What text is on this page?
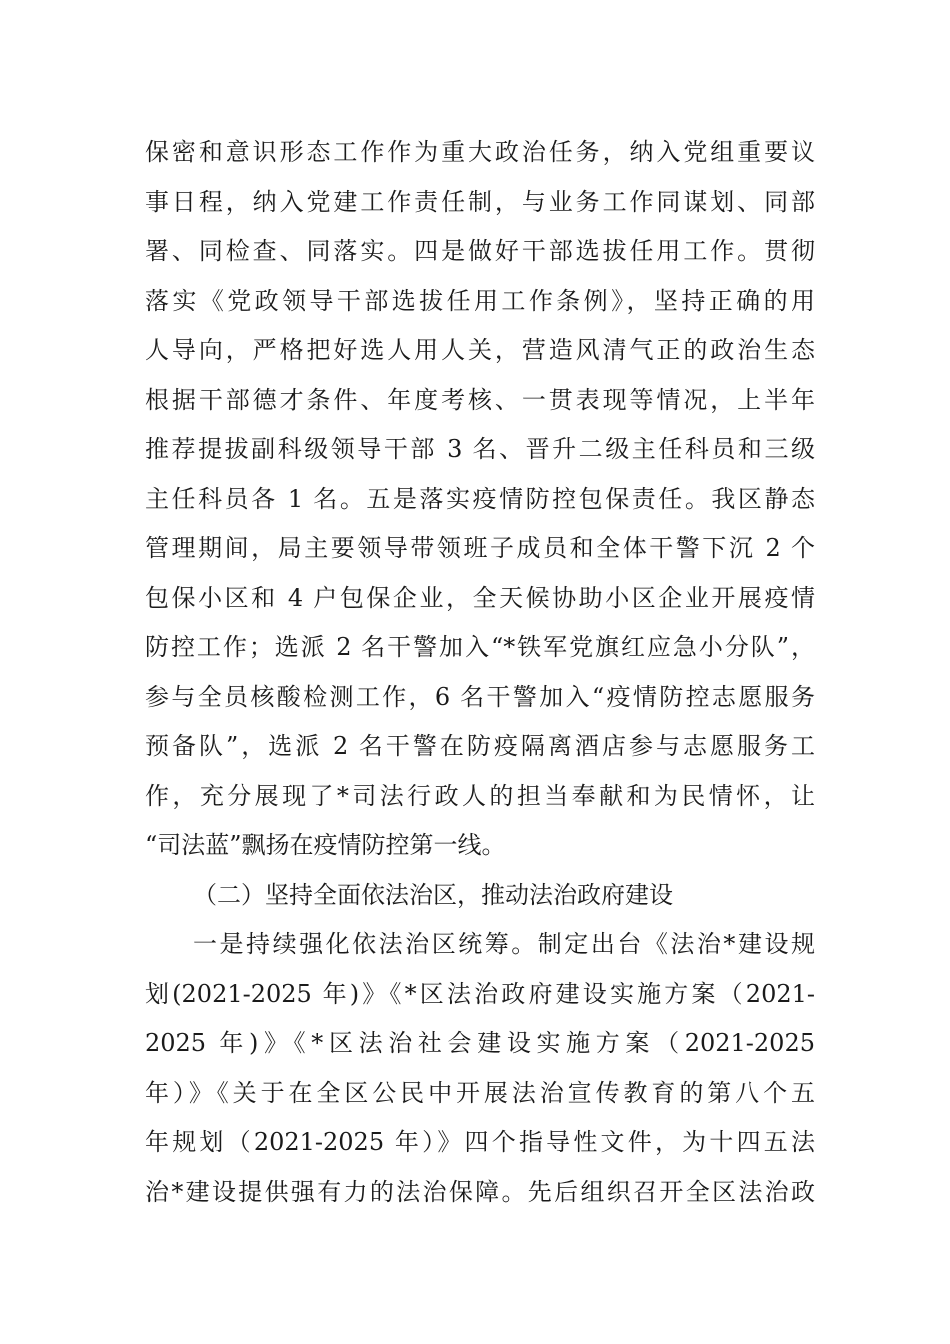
保密和意识形态工作作为重大政治任务，纳入党组重要议
事日程，纳入党建工作责任制，与业务工作同谋划、同部
署、同检查、同落实。四是做好干部选拔任用工作。贯彻
落实《党政领导干部选拔任用工作条例》，坚持正确的用
人导向，严格把好选人用人关，营造风清气正的政治生态
根据干部德才条件、年度考核、一贯表现等情况，上半年
推荐提拔副科级领导干部 3 名、晋升二级主任科员和三级
主任科员各 1 名。五是落实疫情防控包保责任。我区静态
管理期间，局主要领导带领班子成员和全体干警下沉 2 个
包保小区和 4 户包保企业，全天候协助小区企业开展疫情
防控工作；选派 2 名干警加入“*铁军党旗红应急小分队”，
参与全员核酸检测工作，6 名干警加入“疫情防控志愿服务
预备队”，选派 2 名干警在防疫隔离酒店参与志愿服务工
作，充分展现了*司法行政人的担当奉献和为民情怀，让
“司法蓝”飘扬在疫情防控第一线。
（二）坚持全面依法治区，推动法治政府建设
一是持续强化依法治区统筹。制定出台《法治*建设规
划(2021-2025 年)》《*区法治政府建设实施方案（2021-
2025 年)》《*区法治社会建设实施方案（2021-2025
年）》《关于在全区公民中开展法治宣传教育的第八个五
年规划（2021-2025 年）》四个指导性文件，为十四五法
治*建设提供强有力的法治保障。先后组织召开全区法治政
